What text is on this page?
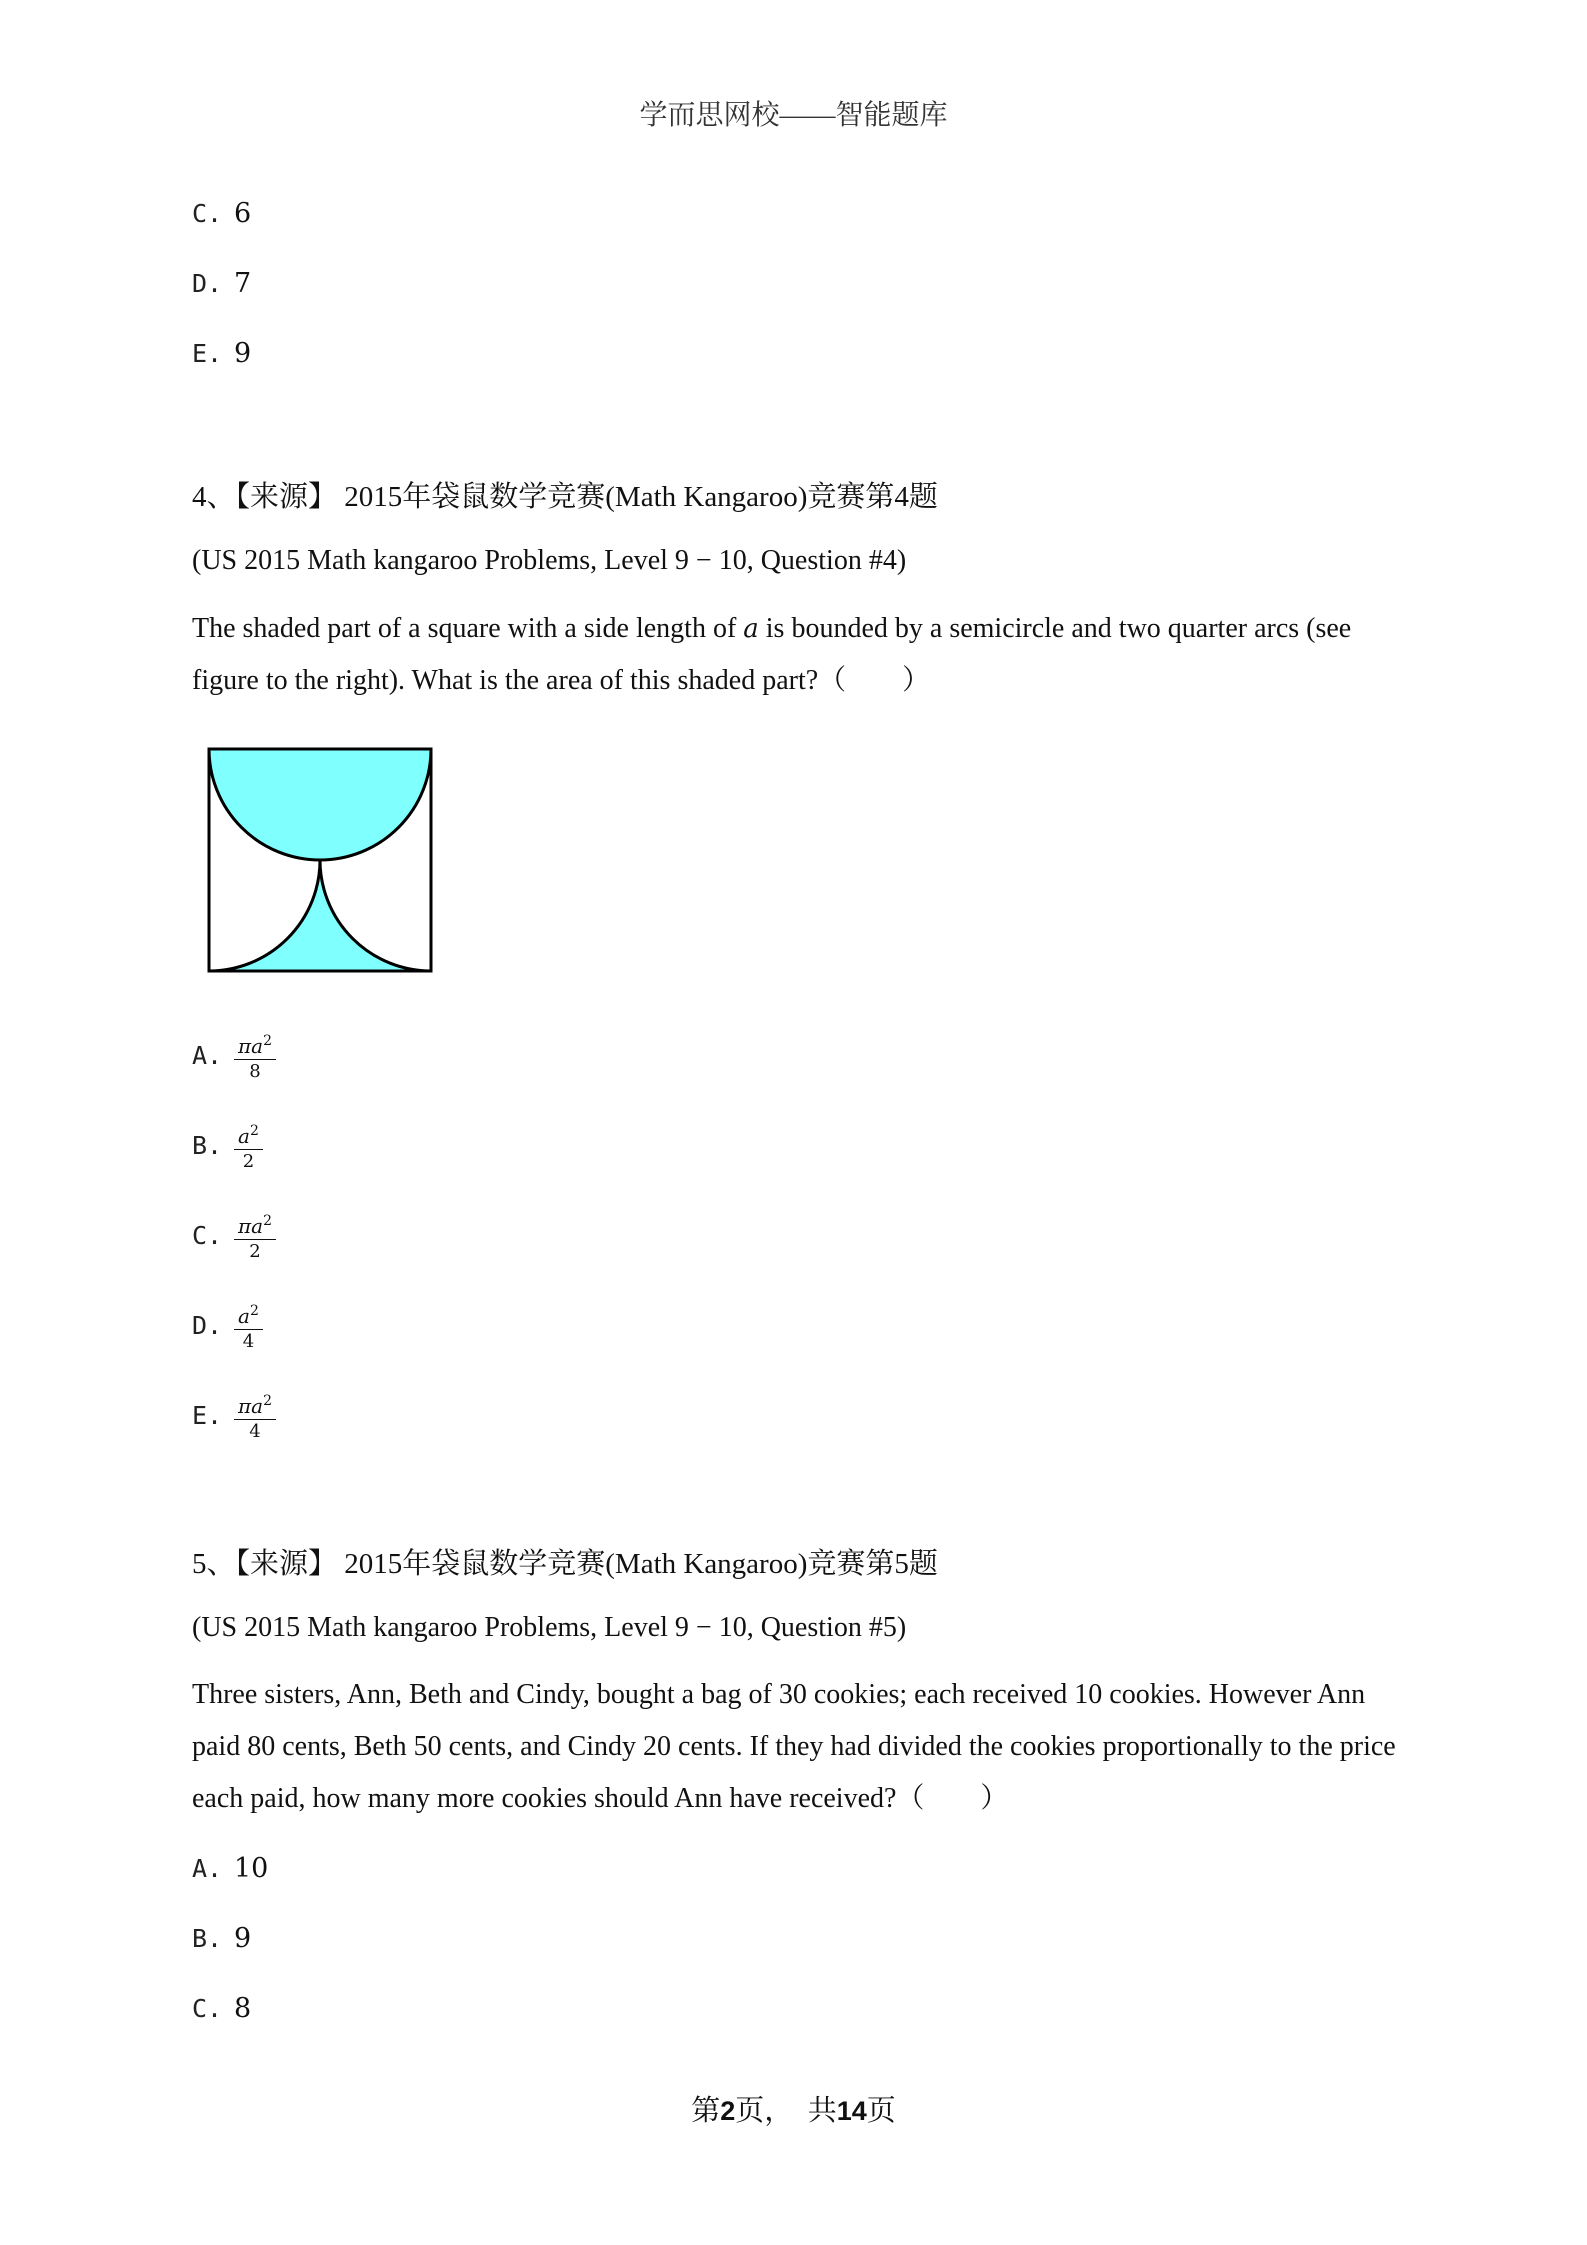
学而思网校——智能题库
C. 6
D. 7
E. 9
4、【来源】 2015年袋鼠数学竞赛(Math Kangaroo)竞赛第4题
(US 2015 Math kangaroo Problems, Level 9 − 10, Question #4)
The shaded part of a square with a side length of a is bounded by a semicircle and two quarter arcs (see figure to the right). What is the area of this shaded part?（　　）
A. $\frac{\pi a^2}{8}$
B. $\frac{a^2}{2}$
C. $\frac{\pi a^2}{2}$
D. $\frac{a^2}{4}$
E. $\frac{\pi a^2}{4}$
5、【来源】 2015年袋鼠数学竞赛(Math Kangaroo)竞赛第5题
(US 2015 Math kangaroo Problems, Level 9 − 10, Question #5)
Three sisters, Ann, Beth and Cindy, bought a bag of 30 cookies; each received 10 cookies. However Ann paid 80 cents, Beth 50 cents, and Cindy 20 cents. If they had divided the cookies proportionally to the price each paid, how many more cookies should Ann have received?（　　）
A. 10
B. 9
C. 8
第2页，　共14页
